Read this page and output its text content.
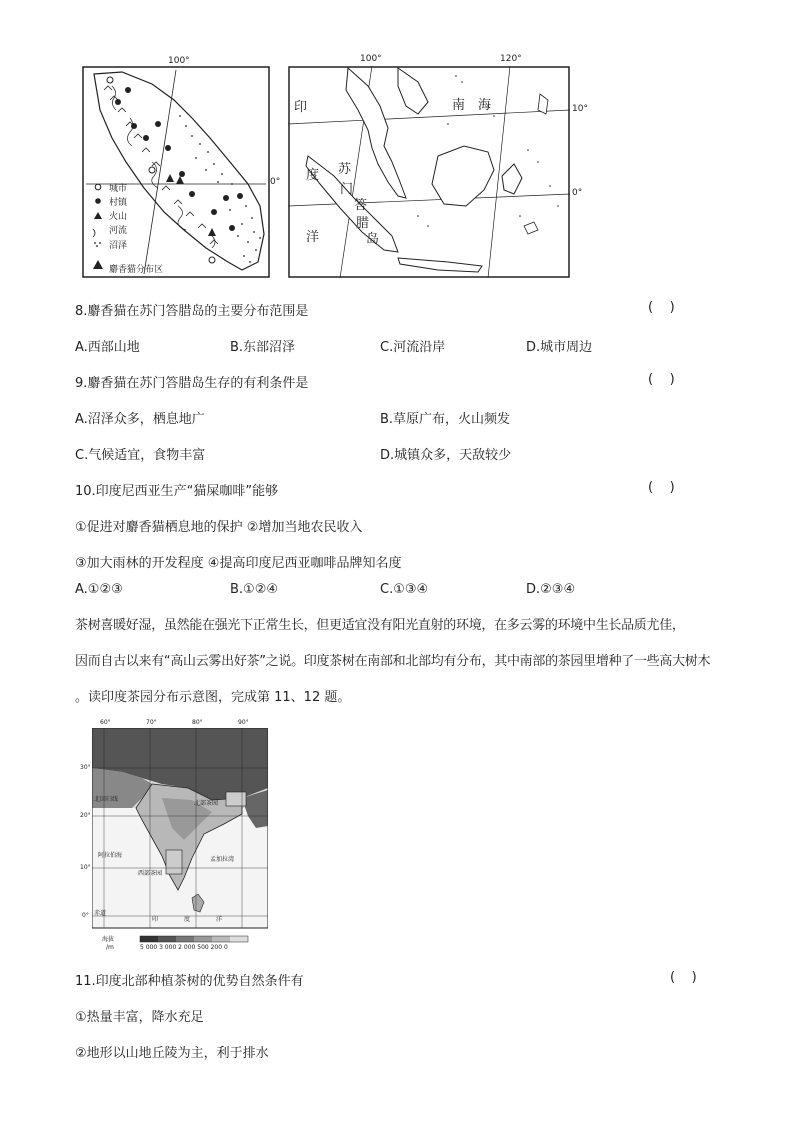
100°
0°
城市
村镇
火山
河流
沼泽
麝香猫分布区
100°	120°
10°
0°
印
度
洋
南 海
苏
门
答
腊
岛
8.麝香猫在苏门答腊岛的主要分布范围是	(    )
A.西部山地	B.东部沼泽	C.河流沿岸	D.城市周边
9.麝香猫在苏门答腊岛生存的有利条件是	(    )
A.沼泽众多，栖息地广	B.草原广布，火山频发
C.气候适宜，食物丰富	D.城镇众多，天敌较少
10.印度尼西亚生产“猫屎咖啡”能够	(    )
①促进对麝香猫栖息地的保护 ②增加当地农民收入
③加大雨林的开发程度 ④提高印度尼西亚咖啡品牌知名度
A.①②③	B.①②④	C.①③④	D.②③④
茶树喜暖好湿，虽然能在强光下正常生长，但更适宜没有阳光直射的环境，在多云雾的环境中生长品质尤佳，
因而自古以来有“高山云雾出好茶”之说。印度茶树在南部和北部均有分布，其中南部的茶园里增种了一些高大树木
。读印度茶园分布示意图，完成第 11、12 题。
60°	70°	80°	90°
30°
20°
10°
0°
北部茶园
西部茶园
北回归线
阿拉伯海
孟加拉湾
赤道
印	度	洋
海拔
/m	5 000 3 000 2 000 500 200 0
11.印度北部种植茶树的优势自然条件有	(    )
①热量丰富，降水充足
②地形以山地丘陵为主，利于排水
